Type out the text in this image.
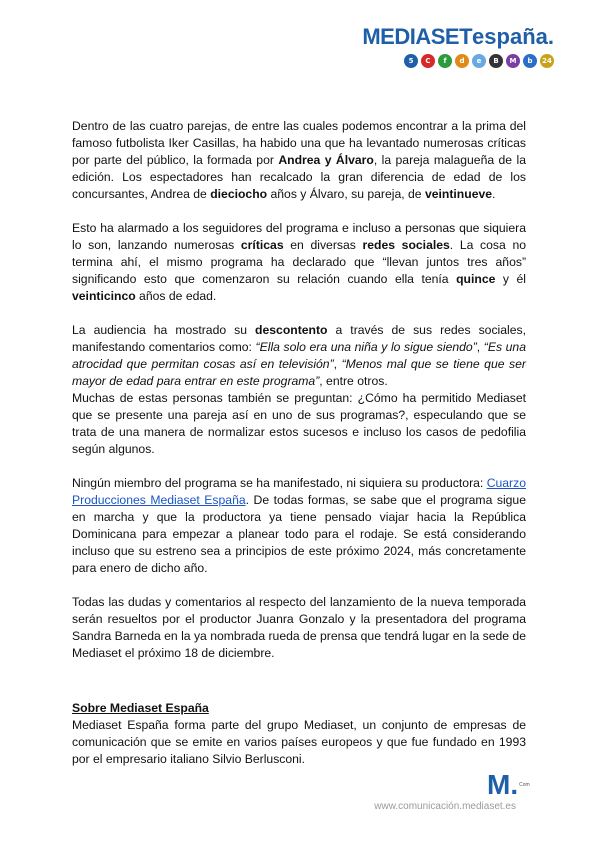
MEDIASETespaña.
5	C	f	d	e	B	M	b	24

Dentro de las cuatro parejas, de entre las cuales podemos encontrar a la prima del famoso futbolista Iker Casillas, ha habido una que ha levantado numerosas críticas por parte del público, la formada por Andrea y Álvaro, la pareja malagueña de la edición. Los espectadores han recalcado la gran diferencia de edad de los concursantes, Andrea de dieciocho años y Álvaro, su pareja, de veintinueve.

Esto ha alarmado a los seguidores del programa e incluso a personas que siquiera lo son, lanzando numerosas críticas en diversas redes sociales. La cosa no termina ahí, el mismo programa ha declarado que “llevan juntos tres años” significando esto que comenzaron su relación cuando ella tenía quince y él veinticinco años de edad.

La audiencia ha mostrado su descontento a través de sus redes sociales, manifestando comentarios como: “Ella solo era una niña y lo sigue siendo”, “Es una atrocidad que permitan cosas así en televisión”, “Menos mal que se tiene que ser mayor de edad para entrar en este programa”, entre otros.

Muchas de estas personas también se preguntan: ¿Cómo ha permitido Mediaset que se presente una pareja así en uno de sus programas?, especulando que se trata de una manera de normalizar estos sucesos e incluso los casos de pedofilia según algunos.

Ningún miembro del programa se ha manifestado, ni siquiera su productora: Cuarzo Producciones Mediaset España. De todas formas, se sabe que el programa sigue en marcha y que la productora ya tiene pensado viajar hacia la República Dominicana para empezar a planear todo para el rodaje. Se está considerando incluso que su estreno sea a principios de este próximo 2024, más concretamente para enero de dicho año.

Todas las dudas y comentarios al respecto del lanzamiento de la nueva temporada serán resueltos por el productor Juanra Gonzalo y la presentadora del programa Sandra Barneda en la ya nombrada rueda de prensa que tendrá lugar en la sede de Mediaset el próximo 18 de diciembre.

Sobre Mediaset España

Mediaset España forma parte del grupo Mediaset, un conjunto de empresas de comunicación que se emite en varios países europeos y que fue fundado en 1993 por el empresario italiano Silvio Berlusconi.

M.$^{Com}$
www.comunicación.mediaset.es
